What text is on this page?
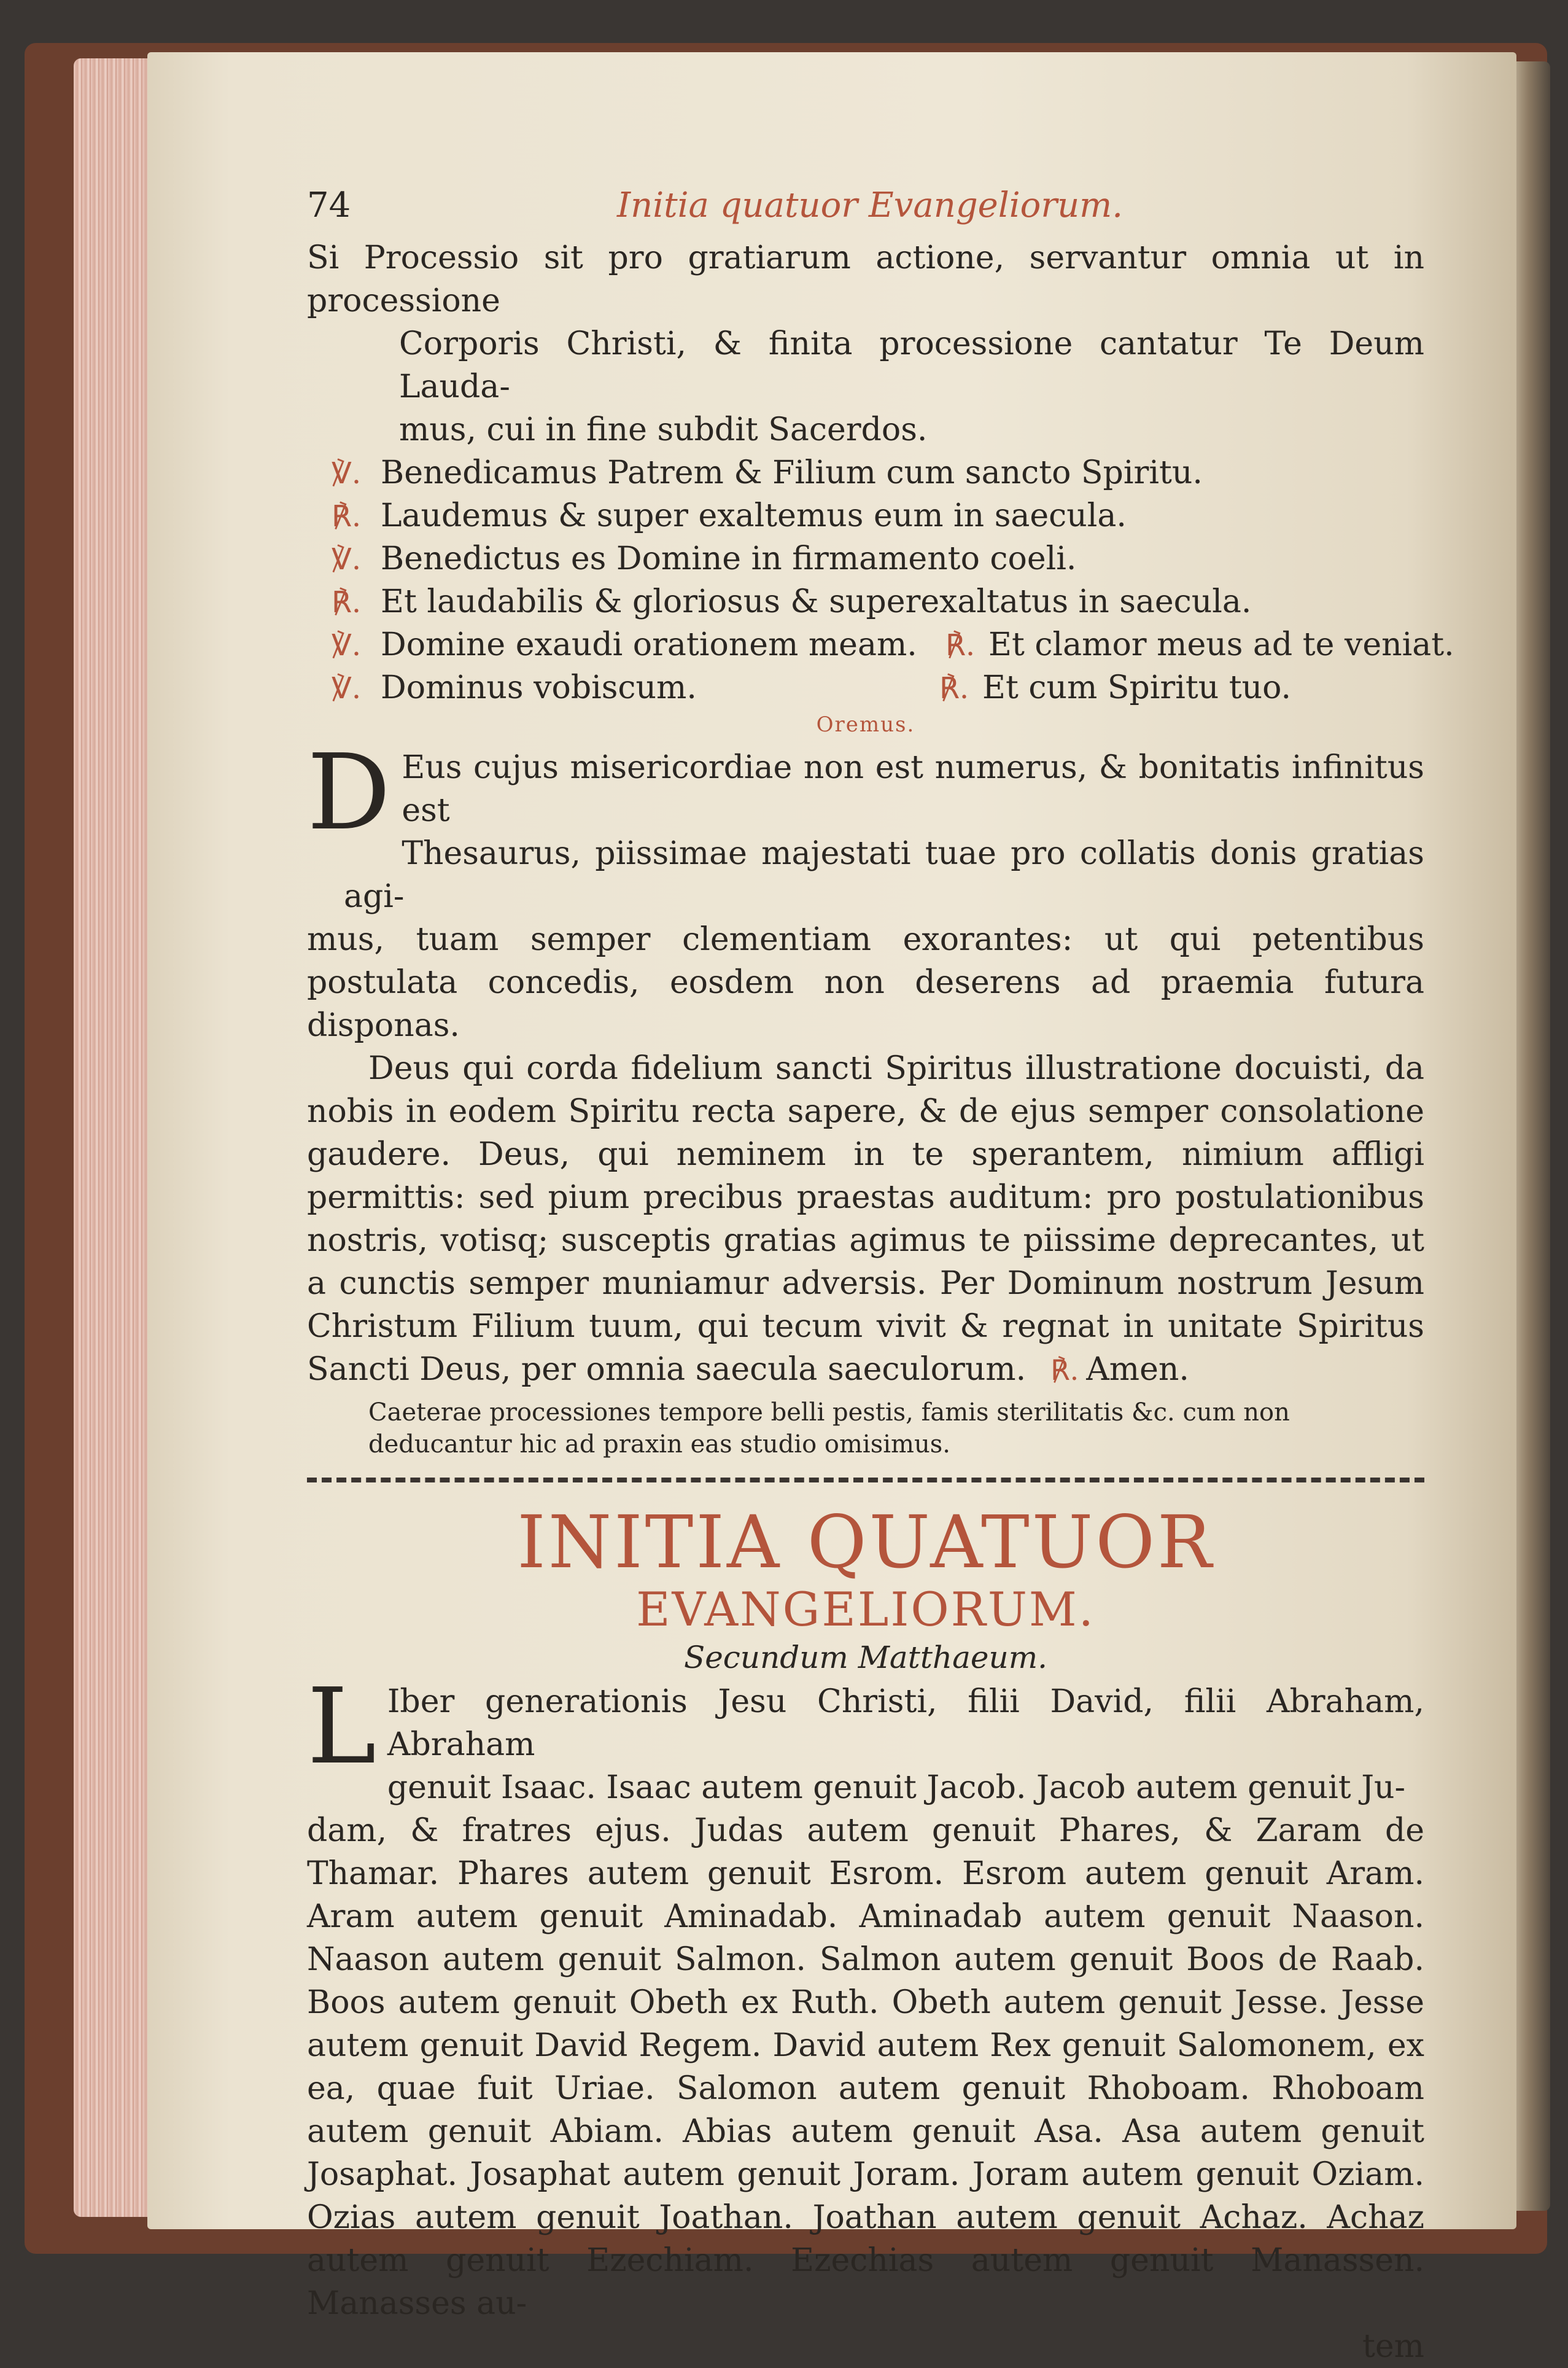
74	Initia quatuor Evangeliorum.
Si Processio sit pro gratiarum actione, servantur omnia ut in processione
Corporis Christi, & finita processione cantatur Te Deum Lauda-
mus, cui in fine subdit Sacerdos.
℣. Benedicamus Patrem & Filium cum sancto Spiritu.
℟. Laudemus & super exaltemus eum in saecula.
℣. Benedictus es Domine in firmamento coeli.
℟. Et laudabilis & gloriosus & superexaltatus in saecula.
℣. Domine exaudi orationem meam. ℟. Et clamor meus ad te veniat.
℣. Dominus vobiscum.	℟. Et cum Spiritu tuo.
Oremus.
D Eus cujus misericordiae non est numerus, & bonitatis infinitus est
Thesaurus, piissimae majestati tuae pro collatis donis gratias agi-
mus, tuam semper clementiam exorantes: ut qui petentibus postulata concedis, eosdem non deserens ad praemia futura disponas.
Deus qui corda fidelium sancti Spiritus illustratione docuisti, da nobis in eodem Spiritu recta sapere, & de ejus semper consolatione gaudere. Deus, qui neminem in te sperantem, nimium affligi permittis: sed pium precibus praestas auditum: pro postulationibus nostris, votisq; susceptis gratias agimus te piissime deprecantes, ut a cunctis semper muniamur adversis. Per Dominum nostrum Jesum Christum Filium tuum, qui tecum vivit & regnat in unitate Spiritus Sancti Deus, per omnia saecula saeculorum. ℟. Amen.
Caeterae processiones tempore belli pestis, famis sterilitatis &c. cum non deducantur hic ad praxin eas studio omisimus.
INITIA QUATUOR
EVANGELIORUM.
Secundum Matthaeum.
L Iber generationis Jesu Christi, filii David, filii Abraham, Abraham
genuit Isaac. Isaac autem genuit Jacob. Jacob autem genuit Ju-
dam, & fratres ejus. Judas autem genuit Phares, & Zaram de Thamar. Phares autem genuit Esrom. Esrom autem genuit Aram. Aram autem genuit Aminadab. Aminadab autem genuit Naason. Naason autem genuit Salmon. Salmon autem genuit Boos de Raab. Boos autem genuit Obeth ex Ruth. Obeth autem genuit Jesse. Jesse autem genuit David Regem. David autem Rex genuit Salomonem, ex ea, quae fuit Uriae. Salomon autem genuit Rhoboam. Rhoboam autem genuit Abiam. Abias autem genuit Asa. Asa autem genuit Josaphat. Josaphat autem genuit Joram. Joram autem genuit Oziam. Ozias autem genuit Joathan. Joathan autem genuit Achaz. Achaz autem genuit Ezechiam. Ezechias autem genuit Manassen. Manasses au-
tem
